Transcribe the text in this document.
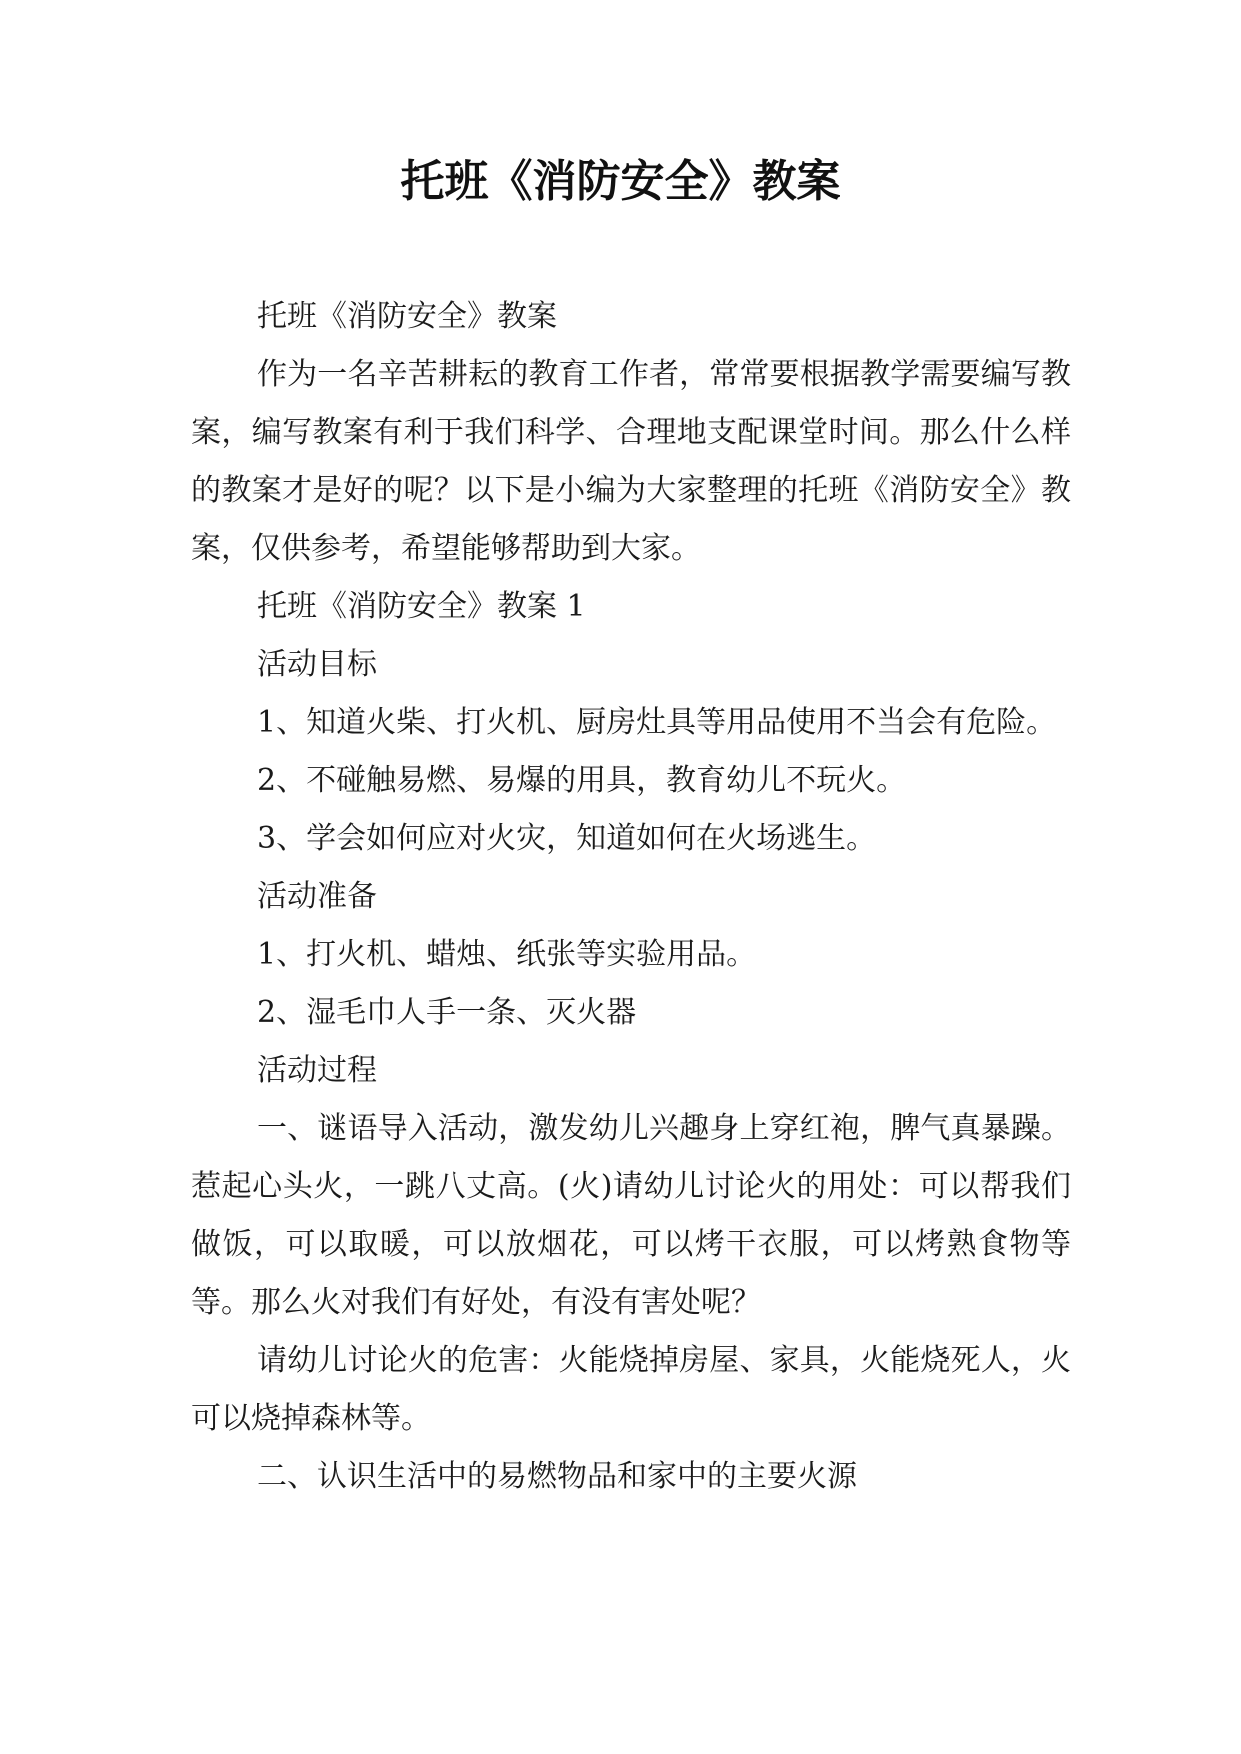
托班《消防安全》教案

托班《消防安全》教案

作为一名辛苦耕耘的教育工作者，常常要根据教学需要编写教案，编写教案有利于我们科学、合理地支配课堂时间。那么什么样的教案才是好的呢？以下是小编为大家整理的托班《消防安全》教案，仅供参考，希望能够帮助到大家。

托班《消防安全》教案 1

活动目标

1、知道火柴、打火机、厨房灶具等用品使用不当会有危险。

2、不碰触易燃、易爆的用具，教育幼儿不玩火。

3、学会如何应对火灾，知道如何在火场逃生。

活动准备

1、打火机、蜡烛、纸张等实验用品。

2、湿毛巾人手一条、灭火器

活动过程

一、谜语导入活动，激发幼儿兴趣身上穿红袍，脾气真暴躁。惹起心头火，一跳八丈高。(火)请幼儿讨论火的用处：可以帮我们做饭，可以取暖，可以放烟花，可以烤干衣服，可以烤熟食物等等。那么火对我们有好处，有没有害处呢？

请幼儿讨论火的危害：火能烧掉房屋、家具，火能烧死人，火可以烧掉森林等。

二、认识生活中的易燃物品和家中的主要火源
